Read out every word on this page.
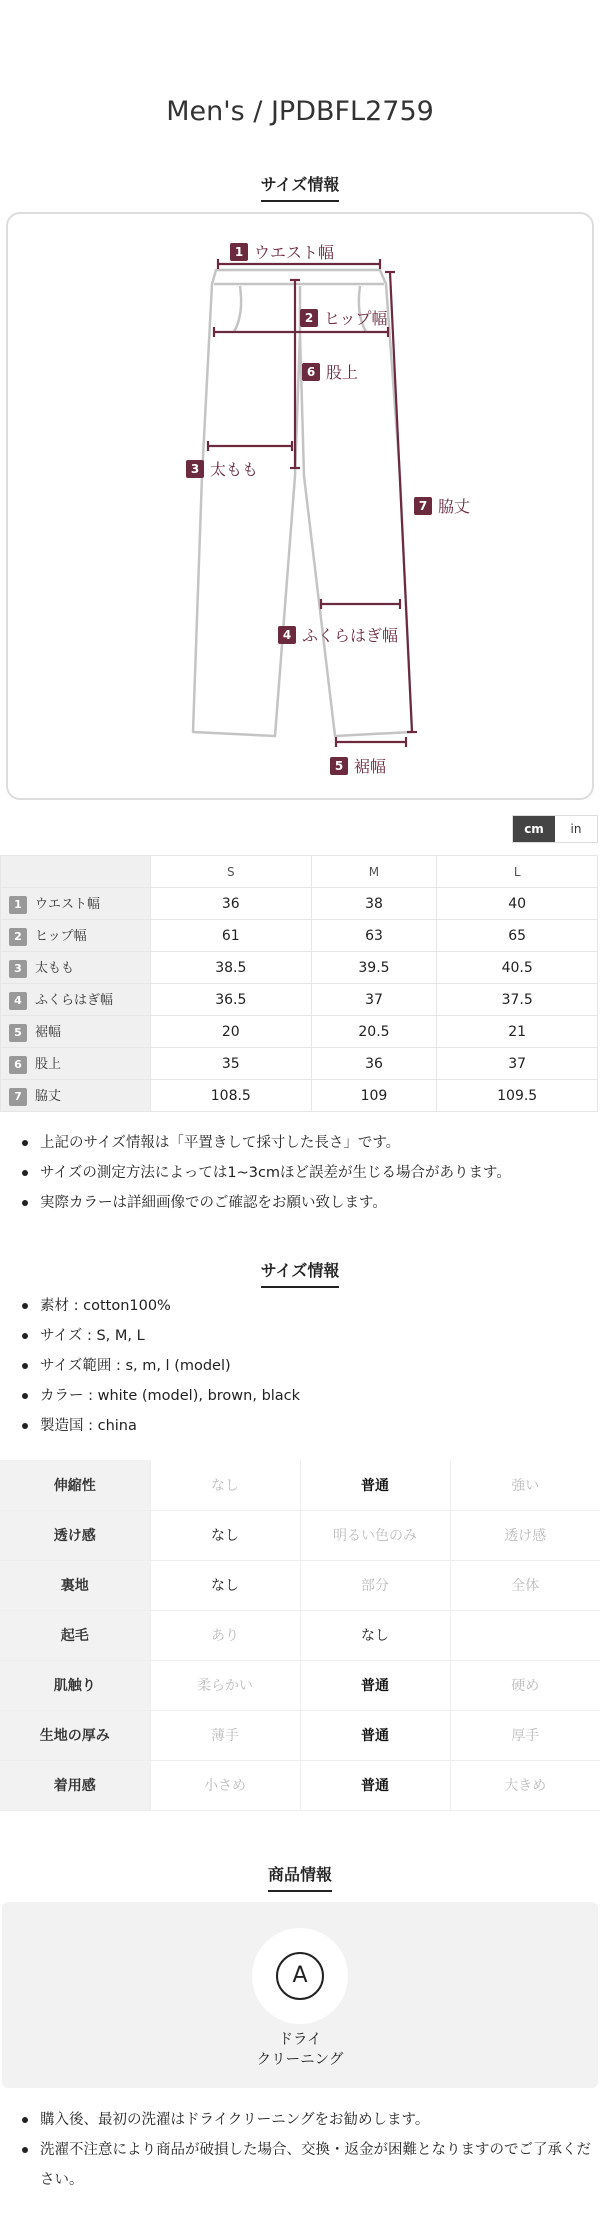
Men's / JPDBFL2759
サイズ情報
1 ウエスト幅
2 ヒップ幅
6 股上
3 太もも
7 脇丈
4 ふくらはぎ幅
5 裾幅
cm	in
	S	M	L
1 ウエスト幅	36	38	40
2 ヒップ幅	61	63	65
3 太もも	38.5	39.5	40.5
4 ふくらはぎ幅	36.5	37	37.5
5 裾幅	20	20.5	21
6 股上	35	36	37
7 脇丈	108.5	109	109.5
上記のサイズ情報は「平置きして採寸した長さ」です。
サイズの測定方法によっては1~3cmほど誤差が生じる場合があります。
実際カラーは詳細画像でのご確認をお願い致します。
サイズ情報
素材 : cotton100%
サイズ : S, M, L
サイズ範囲 : s, m, l (model)
カラー : white (model), brown, black
製造国 : china
伸縮性	なし	普通	強い
透け感	なし	明るい色のみ	透け感
裏地	なし	部分	全体
起毛	あり	なし	
肌触り	柔らかい	普通	硬め
生地の厚み	薄手	普通	厚手
着用感	小さめ	普通	大きめ
商品情報
A
ドライ
クリーニング
購入後、最初の洗濯はドライクリーニングをお勧めします。
洗濯不注意により商品が破損した場合、交換・返金が困難となりますのでご了承ください。
